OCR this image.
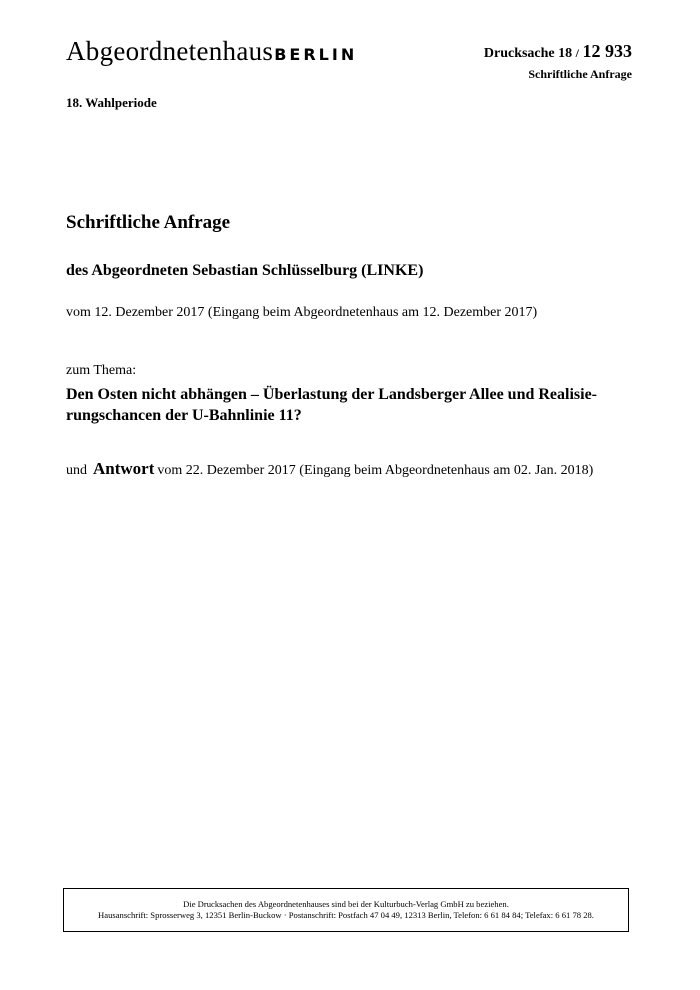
AbgeordnetenhausBERLIN	Drucksache 18 / 12 933
Schriftliche Anfrage
18. Wahlperiode
Schriftliche Anfrage
des Abgeordneten Sebastian Schlüsselburg (LINKE)
vom 12. Dezember 2017 (Eingang beim Abgeordnetenhaus am 12. Dezember 2017)
zum Thema:
Den Osten nicht abhängen – Überlastung der Landsberger Allee und Realisie-
rungschancen der U-Bahnlinie 11?
und Antwort vom 22. Dezember 2017 (Eingang beim Abgeordnetenhaus am 02. Jan. 2018)
Die Drucksachen des Abgeordnetenhauses sind bei der Kulturbuch-Verlag GmbH zu beziehen.
Hausanschrift: Sprosserweg 3, 12351 Berlin-Buckow · Postanschrift: Postfach 47 04 49, 12313 Berlin, Telefon: 6 61 84 84; Telefax: 6 61 78 28.
